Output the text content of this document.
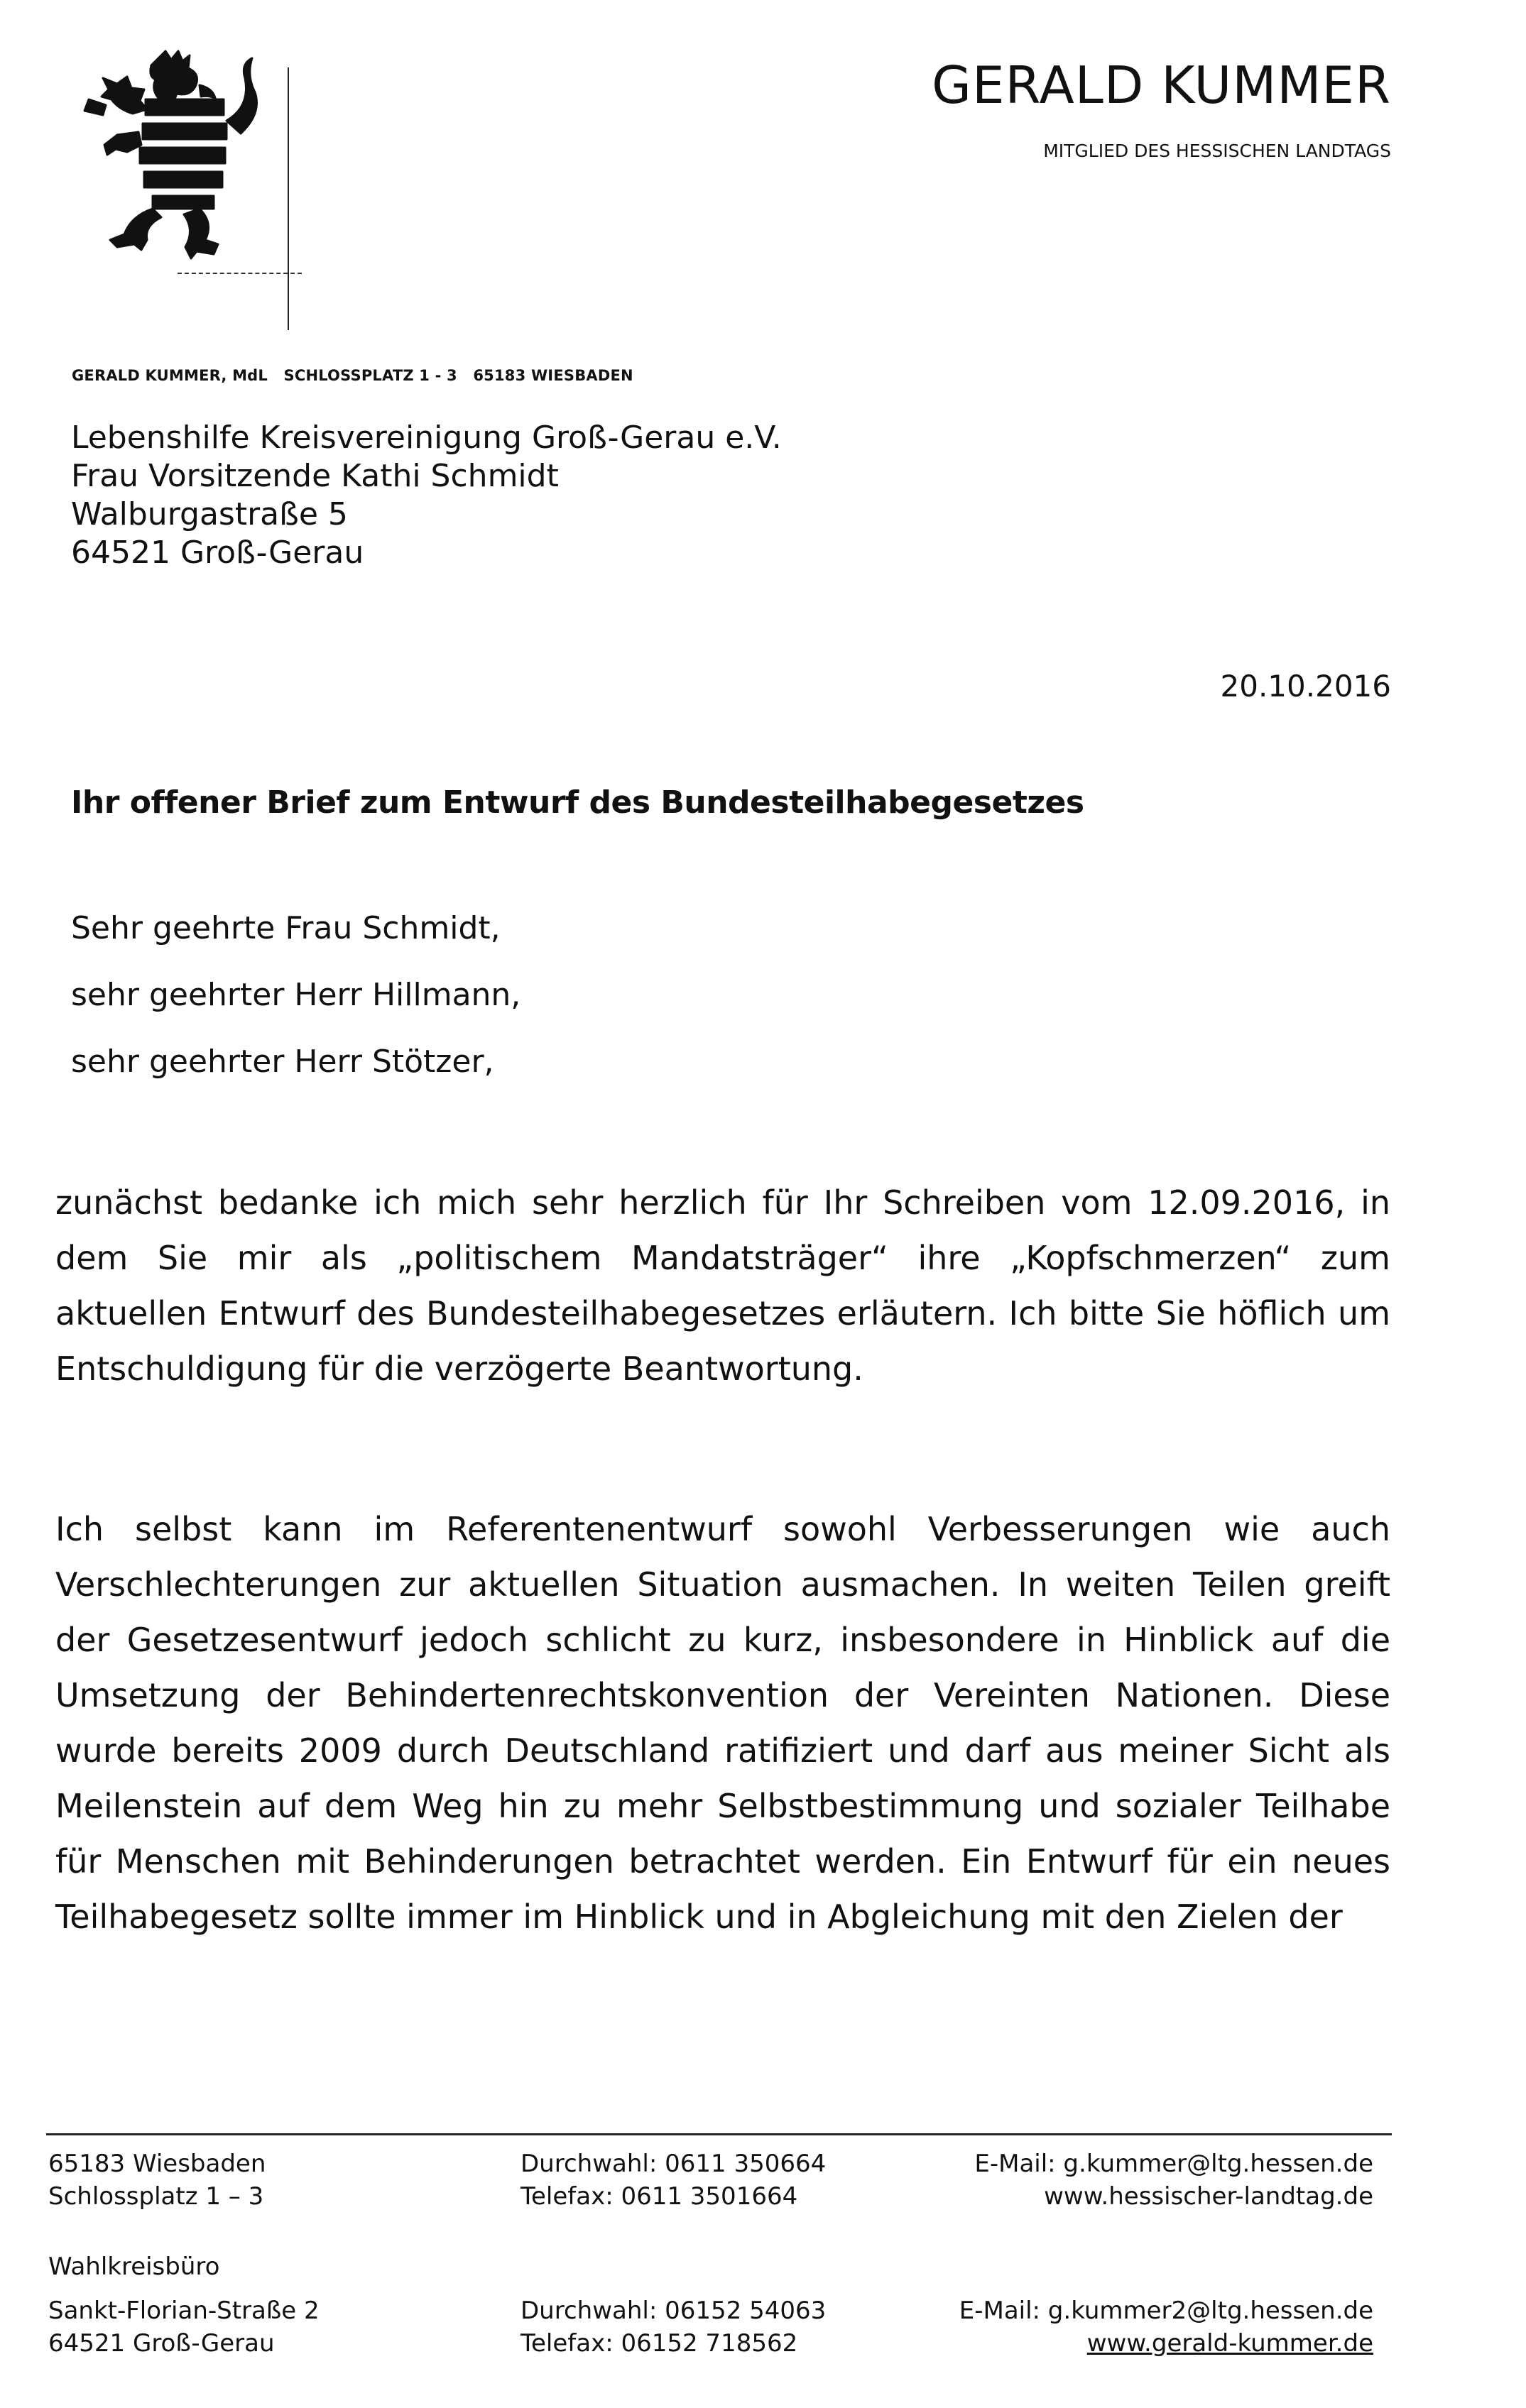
GERALD KUMMER
MITGLIED DES HESSISCHEN LANDTAGS
GERALD KUMMER, MdL   SCHLOSSPLATZ 1 - 3   65183 WIESBADEN
Lebenshilfe Kreisvereinigung Groß-Gerau e.V.
Frau Vorsitzende Kathi Schmidt
Walburgastraße 5
64521 Groß-Gerau
20.10.2016
Ihr offener Brief zum Entwurf des Bundesteilhabegesetzes
Sehr geehrte Frau Schmidt,
sehr geehrter Herr Hillmann,
sehr geehrter Herr Stötzer,
zunächst bedanke ich mich sehr herzlich für Ihr Schreiben vom 12.09.2016, in dem Sie mir als „politischem Mandatsträger“ ihre „Kopfschmerzen“ zum aktuellen Entwurf des Bundesteilhabegesetzes erläutern. Ich bitte Sie höflich um Entschuldigung für die verzögerte Beantwortung.
Ich selbst kann im Referentenentwurf sowohl Verbesserungen wie auch Verschlechterungen zur aktuellen Situation ausmachen. In weiten Teilen greift der Gesetzesentwurf jedoch schlicht zu kurz, insbesondere in Hinblick auf die Umsetzung der Behindertenrechtskonvention der Vereinten Nationen. Diese wurde bereits 2009 durch Deutschland ratifiziert und darf aus meiner Sicht als Meilenstein auf dem Weg hin zu mehr Selbstbestimmung und sozialer Teilhabe für Menschen mit Behinderungen betrachtet werden. Ein Entwurf für ein neues Teilhabegesetz sollte immer im Hinblick und in Abgleichung mit den Zielen der
65183 Wiesbaden
Schlossplatz 1 – 3
Durchwahl: 0611 350664
Telefax: 0611 3501664
E-Mail: g.kummer@ltg.hessen.de
www.hessischer-landtag.de
Wahlkreisbüro
Sankt-Florian-Straße 2
64521 Groß-Gerau
Durchwahl: 06152 54063
Telefax: 06152 718562
E-Mail: g.kummer2@ltg.hessen.de
www.gerald-kummer.de
